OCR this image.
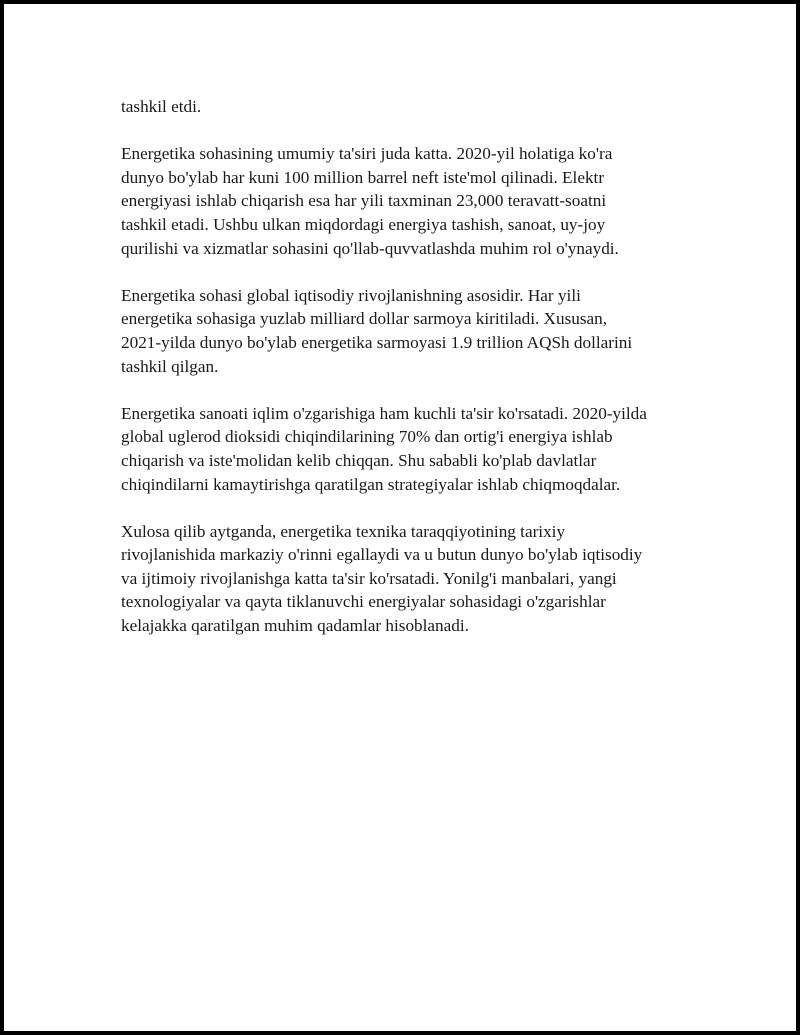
tashkil etdi.

Energetika sohasining umumiy ta'siri juda katta. 2020-yil holatiga ko'ra
dunyo bo'ylab har kuni 100 million barrel neft iste'mol qilinadi. Elektr
energiyasi ishlab chiqarish esa har yili taxminan 23,000 teravatt-soatni
tashkil etadi. Ushbu ulkan miqdordagi energiya tashish, sanoat, uy-joy
qurilishi va xizmatlar sohasini qo'llab-quvvatlashda muhim rol o'ynaydi.

Energetika sohasi global iqtisodiy rivojlanishning asosidir. Har yili
energetika sohasiga yuzlab milliard dollar sarmoya kiritiladi. Xususan,
2021-yilda dunyo bo'ylab energetika sarmoyasi 1.9 trillion AQSh dollarini
tashkil qilgan.

Energetika sanoati iqlim o'zgarishiga ham kuchli ta'sir ko'rsatadi. 2020-yilda
global uglerod dioksidi chiqindilarining 70% dan ortig'i energiya ishlab
chiqarish va iste'molidan kelib chiqqan. Shu sababli ko'plab davlatlar
chiqindilarni kamaytirishga qaratilgan strategiyalar ishlab chiqmoqdalar.

Xulosa qilib aytganda, energetika texnika taraqqiyotining tarixiy
rivojlanishida markaziy o'rinni egallaydi va u butun dunyo bo'ylab iqtisodiy
va ijtimoiy rivojlanishga katta ta'sir ko'rsatadi. Yonilg'i manbalari, yangi
texnologiyalar va qayta tiklanuvchi energiyalar sohasidagi o'zgarishlar
kelajakka qaratilgan muhim qadamlar hisoblanadi.
